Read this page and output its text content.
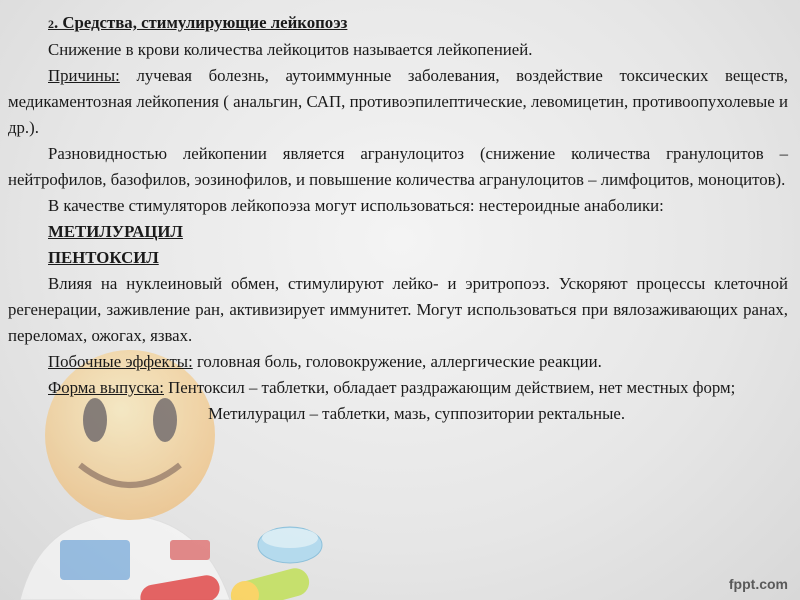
2. Средства, стимулирующие лейкопоэз

Снижение в крови количества лейкоцитов называется лейкопенией.

Причины: лучевая болезнь, аутоиммунные заболевания, воздействие токсических веществ, медикаментозная лейкопения ( анальгин, САП, противоэпилептические, левомицетин, противоопухолевые и др.).

Разновидностью лейкопении является агранулоцитоз (снижение количества гранулоцитов – нейтрофилов, базофилов, эозинофилов, и повышение количества агранулоцитов – лимфоцитов, моноцитов).

В качестве стимуляторов лейкопоэза могут использоваться: нестероидные анаболики:

МЕТИЛУРАЦИЛ

ПЕНТОКСИЛ

Влияя на нуклеиновый обмен, стимулируют лейко- и эритропоэз. Ускоряют процессы клеточной регенерации, заживление ран, активизирует иммунитет. Могут использоваться при вялозаживающих ранах, переломах, ожогах, язвах.

Побочные эффекты: головная боль, головокружение, аллергические реакции.

Форма выпуска: Пентоксил – таблетки, обладает раздражающим действием, нет местных форм;

Метилурацил – таблетки, мазь, суппозитории ректальные.

fppt.com
